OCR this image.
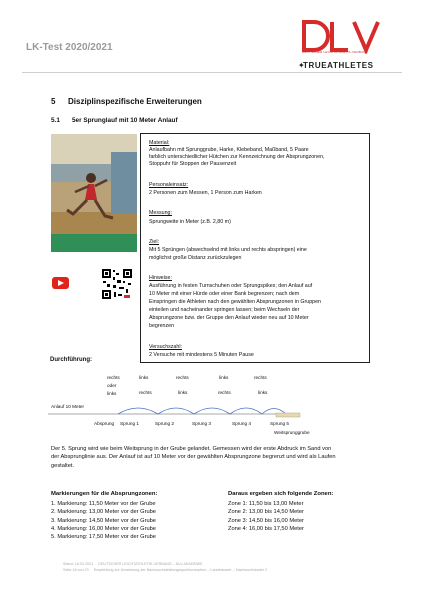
LK-Test 2020/2021	DEUTSCHER LEICHTATHLETIK-VERBAND
✦
TRUEATHLETES
5 Disziplinspezifische Erweiterungen
5.1 5er Sprunglauf mit 10 Meter Anlauf
Material:
Anlaufbahn mit Sprunggrube, Harke, Klebeband, Maßband, 5 Paare
farblich unterschiedlicher Hütchen zur Kennzeichnung der Absprungzonen,
Stoppuhr für Stoppen der Pausenzeit
Personaleinsatz:
2 Personen zum Messen, 1 Person zum Harken
Messung:
Sprungweite in Meter (z.B. 2,80 m)
Ziel:
Mit 5 Sprüngen (abwechselnd mit links und rechts abspringen) eine
möglichst große Distanz zurückzulegen
Hinweise:
Ausführung in festen Turnschuhen oder Sprungspikes; den Anlauf auf
10 Meter mit einer Hürde oder einer Bank begrenzen; nach dem
Einspringen die Athleten nach den gewählten Absprungzonen in Gruppen
einteilen und nacheinander springen lassen; beim Wechseln der
Absprungzone bzw. der Gruppe den Anlauf wieder neu auf 10 Meter
begrenzen
Versuchszahl:
2 Versuche mit mindestens 5 Minuten Pause
Durchführung:
rechts	links	rechts	links	rechts
oder
rechts	links	rechts	links
links
Anlauf 10 Meter
Absprung Sprung 1	Sprung 2	Sprung 3	Sprung 4	Sprung 5
Weitsprunggrube
Der 5. Sprung wird wie beim Weitsprung in der Grube gelandet. Gemessen wird der erste Abdruck im Sand von
der Absprunglinie aus. Der Anlauf ist auf 10 Meter vor der gewählten Absprungzone begrenzt und wird als Laufen
gestaltet.
Markierungen für die Absprungzonen:
1. Markierung: 11,50 Meter vor der Grube
2. Markierung: 13,00 Meter vor der Grube
3. Markierung: 14,50 Meter vor der Grube
4. Markierung: 16,00 Meter vor der Grube
5. Markierung: 17,50 Meter vor der Grube
Daraus ergeben sich folgende Zonen:
Zone 1: 11,50 bis 13,00 Meter
Zone 2: 13,00 bis 14,50 Meter
Zone 3: 14,50 bis 16,00 Meter
Zone 4: 16,00 bis 17,50 Meter
Stand: 16.03.2021 DEUTSCHER LEICHTATHLETIK-VERBAND – DLV-AKADEMIE
Seite 16 von 23 Empfehlung zur Umsetzung der Nachwuchsleistungssportkonzeption – Landeskader – Nachwuchskader 2
